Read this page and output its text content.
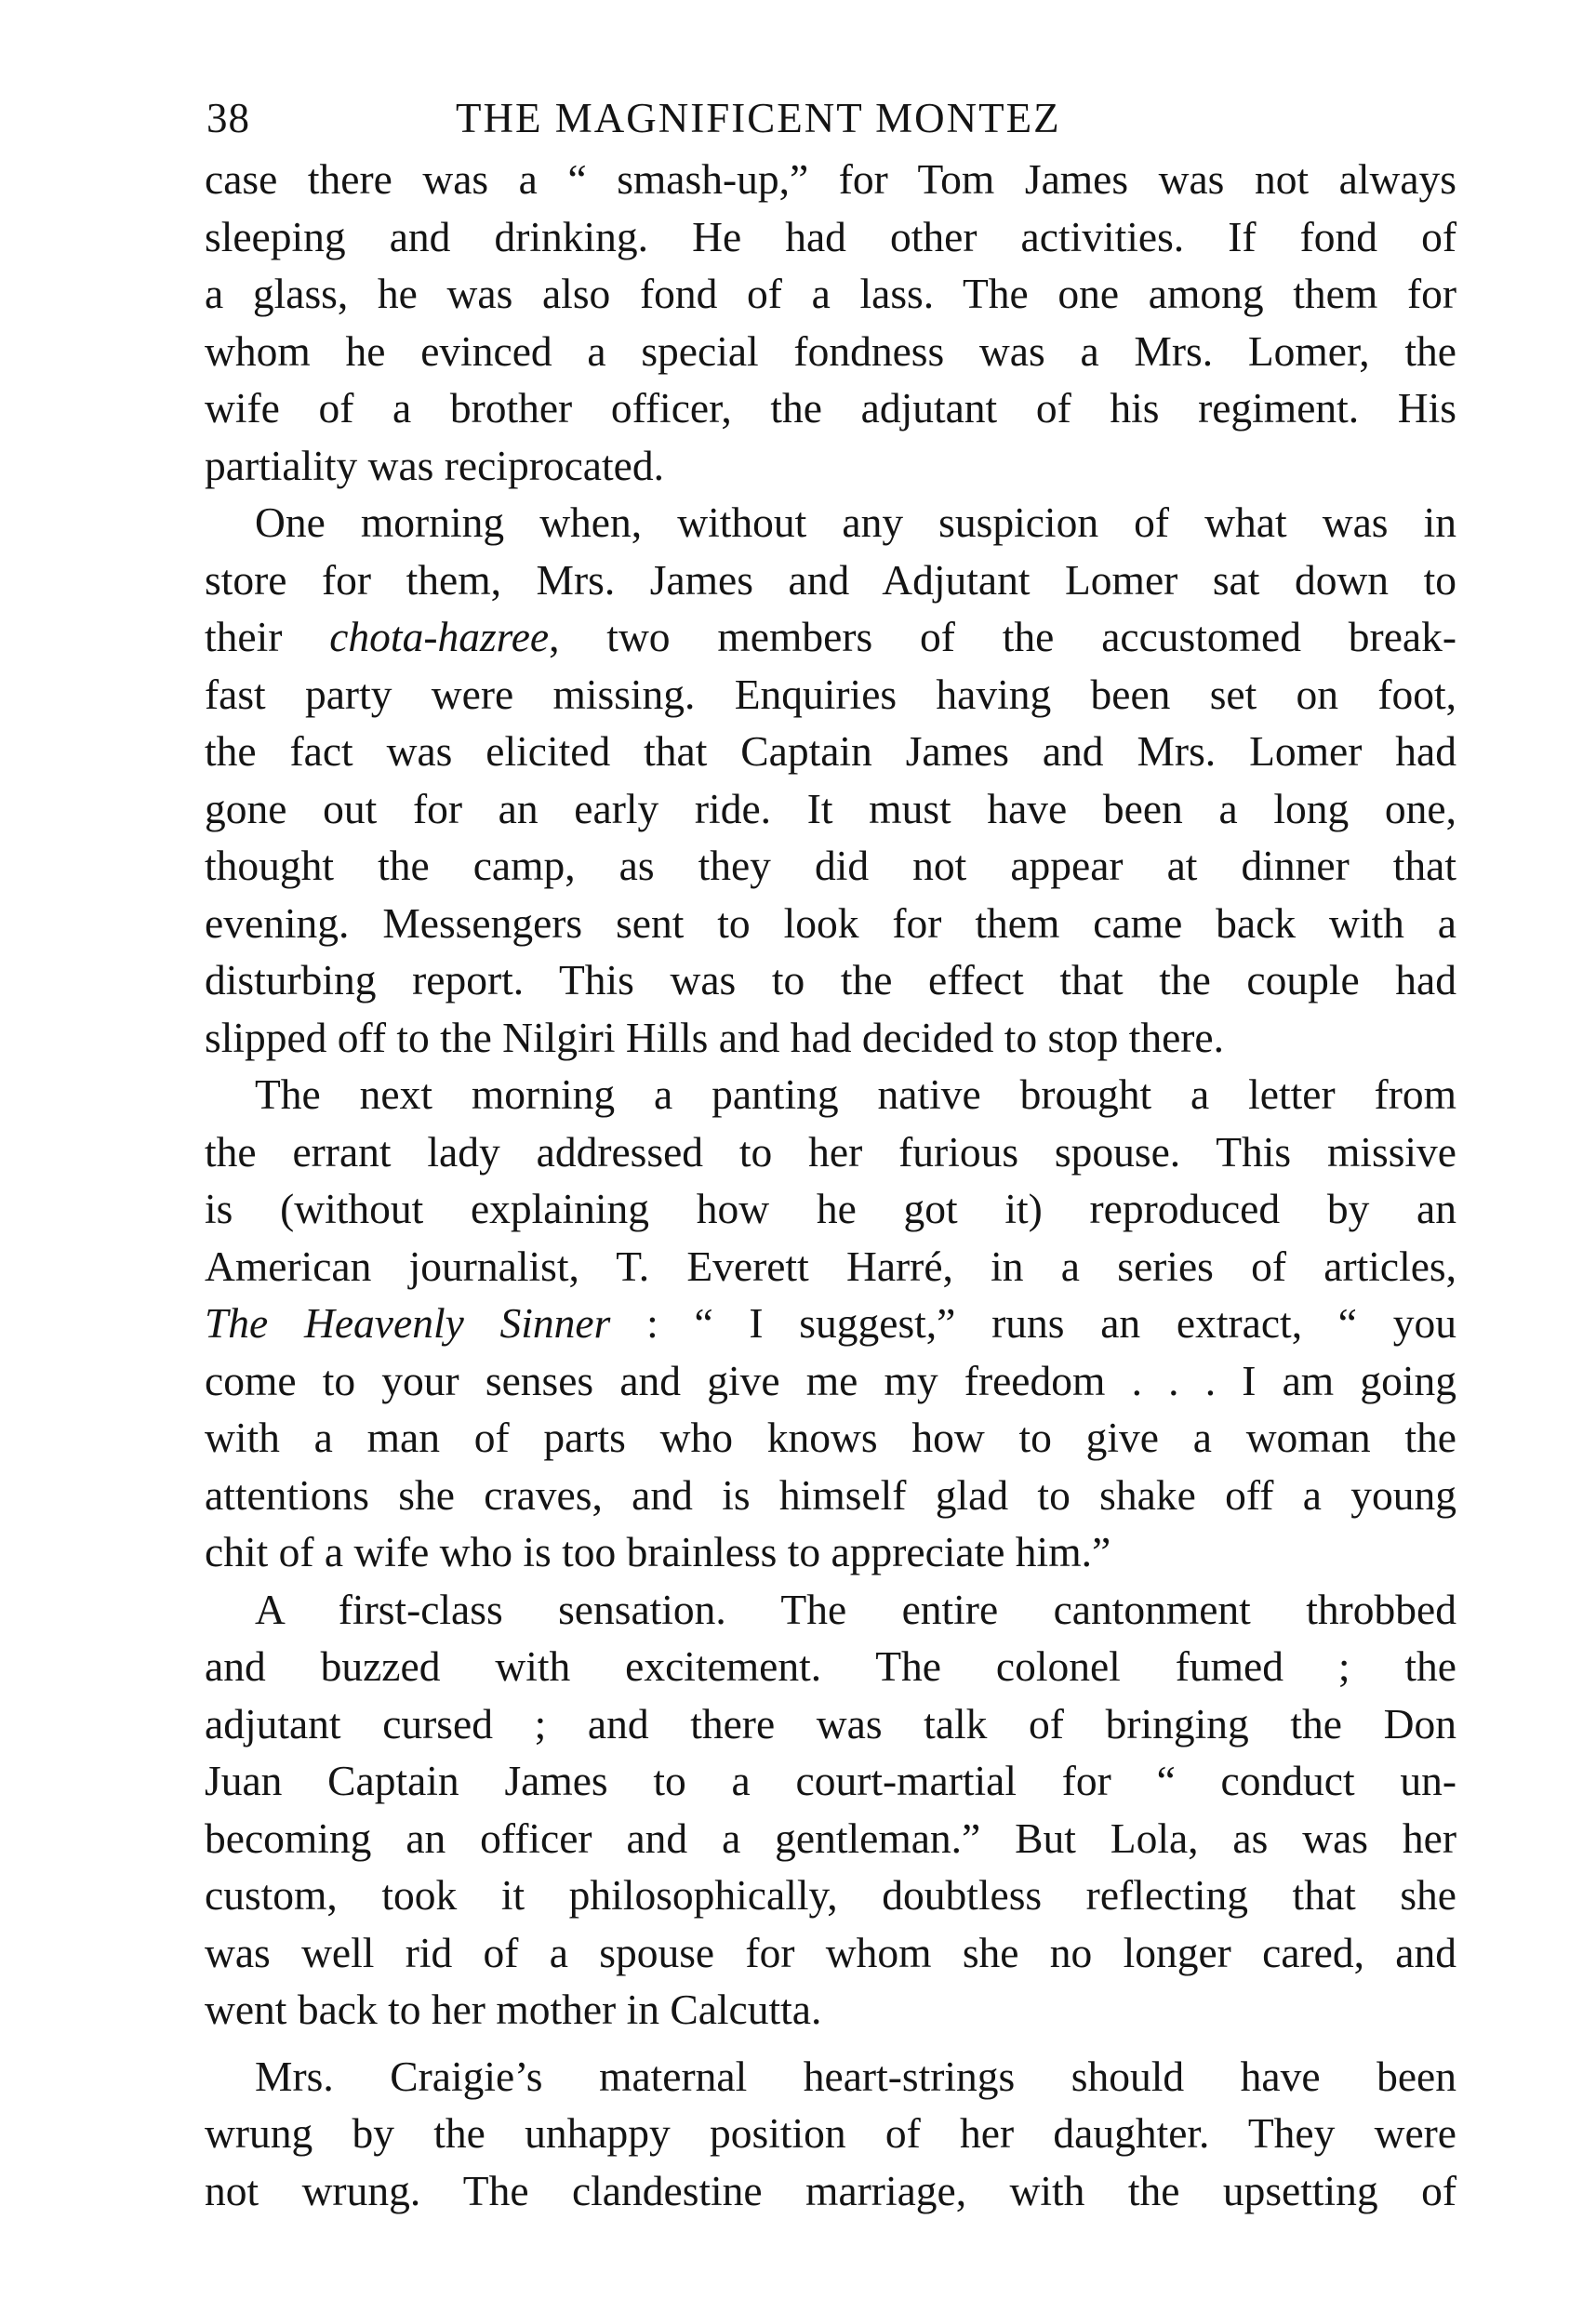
38	THE MAGNIFICENT MONTEZ

case there was a “ smash-up,” for Tom James was not always

sleeping and drinking. He had other activities. If fond of

a glass, he was also fond of a lass. The one among them for

whom he evinced a special fondness was a Mrs. Lomer, the

wife of a brother officer, the adjutant of his regiment. His

partiality was reciprocated.

One morning when, without any suspicion of what was in

store for them, Mrs. James and Adjutant Lomer sat down to

their chota-hazree, two members of the accustomed break-

fast party were missing. Enquiries having been set on foot,

the fact was elicited that Captain James and Mrs. Lomer had

gone out for an early ride. It must have been a long one,

thought the camp, as they did not appear at dinner that

evening. Messengers sent to look for them came back with a

disturbing report. This was to the effect that the couple had

slipped off to the Nilgiri Hills and had decided to stop there.

The next morning a panting native brought a letter from

the errant lady addressed to her furious spouse. This missive

is (without explaining how he got it) reproduced by an

American journalist, T. Everett Harré, in a series of articles,

The Heavenly Sinner : “ I suggest,” runs an extract, “ you

come to your senses and give me my freedom . . . I am going

with a man of parts who knows how to give a woman the

attentions she craves, and is himself glad to shake off a young

chit of a wife who is too brainless to appreciate him.”

A first-class sensation. The entire cantonment throbbed

and buzzed with excitement. The colonel fumed ; the

adjutant cursed ; and there was talk of bringing the Don

Juan Captain James to a court-martial for “ conduct un-

becoming an officer and a gentleman.” But Lola, as was her

custom, took it philosophically, doubtless reflecting that she

was well rid of a spouse for whom she no longer cared, and

went back to her mother in Calcutta.

Mrs. Craigie’s maternal heart-strings should have been

wrung by the unhappy position of her daughter. They were

not wrung. The clandestine marriage, with the upsetting of
